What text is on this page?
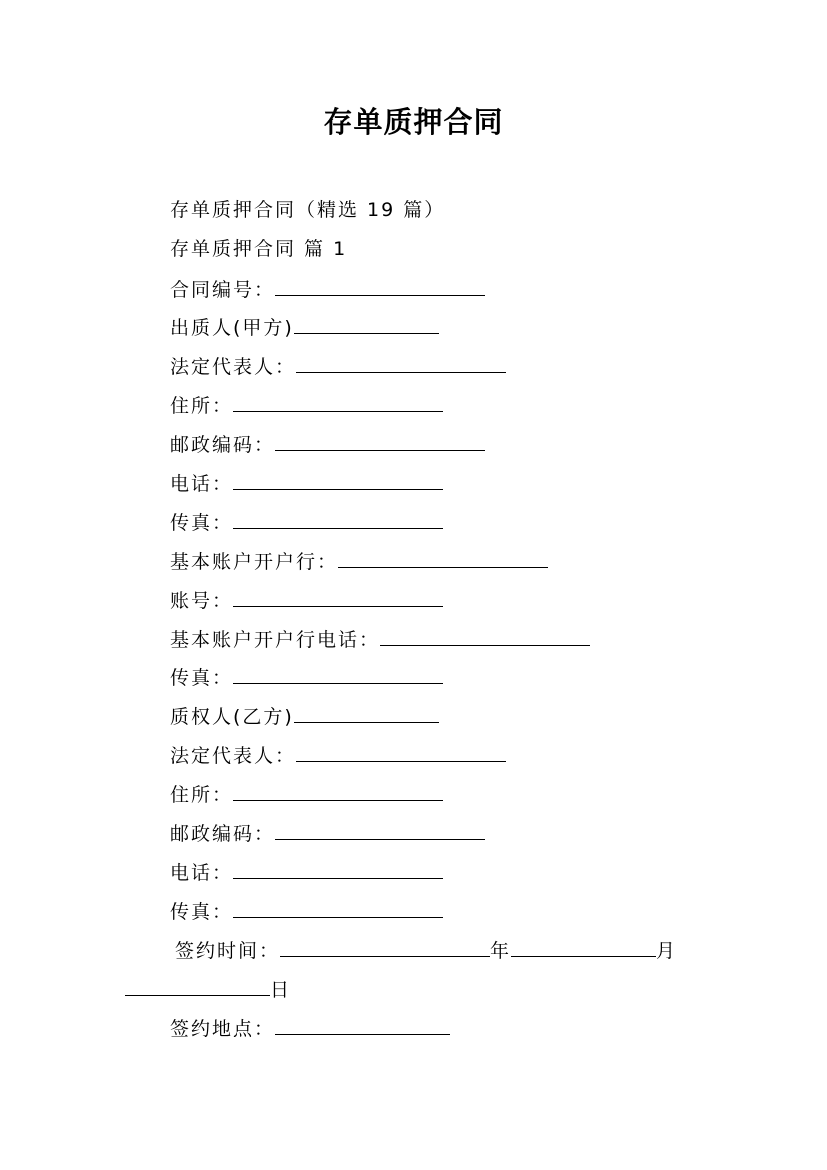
存单质押合同
存单质押合同（精选 19 篇）
存单质押合同 篇 1
合同编号：
出质人(甲方)
法定代表人：
住所：
邮政编码：
电话：
传真：
基本账户开户行：
账号：
基本账户开户行电话：
传真：
质权人(乙方)
法定代表人：
住所：
邮政编码：
电话：
传真：
签约时间：	年	月
日
签约地点：
